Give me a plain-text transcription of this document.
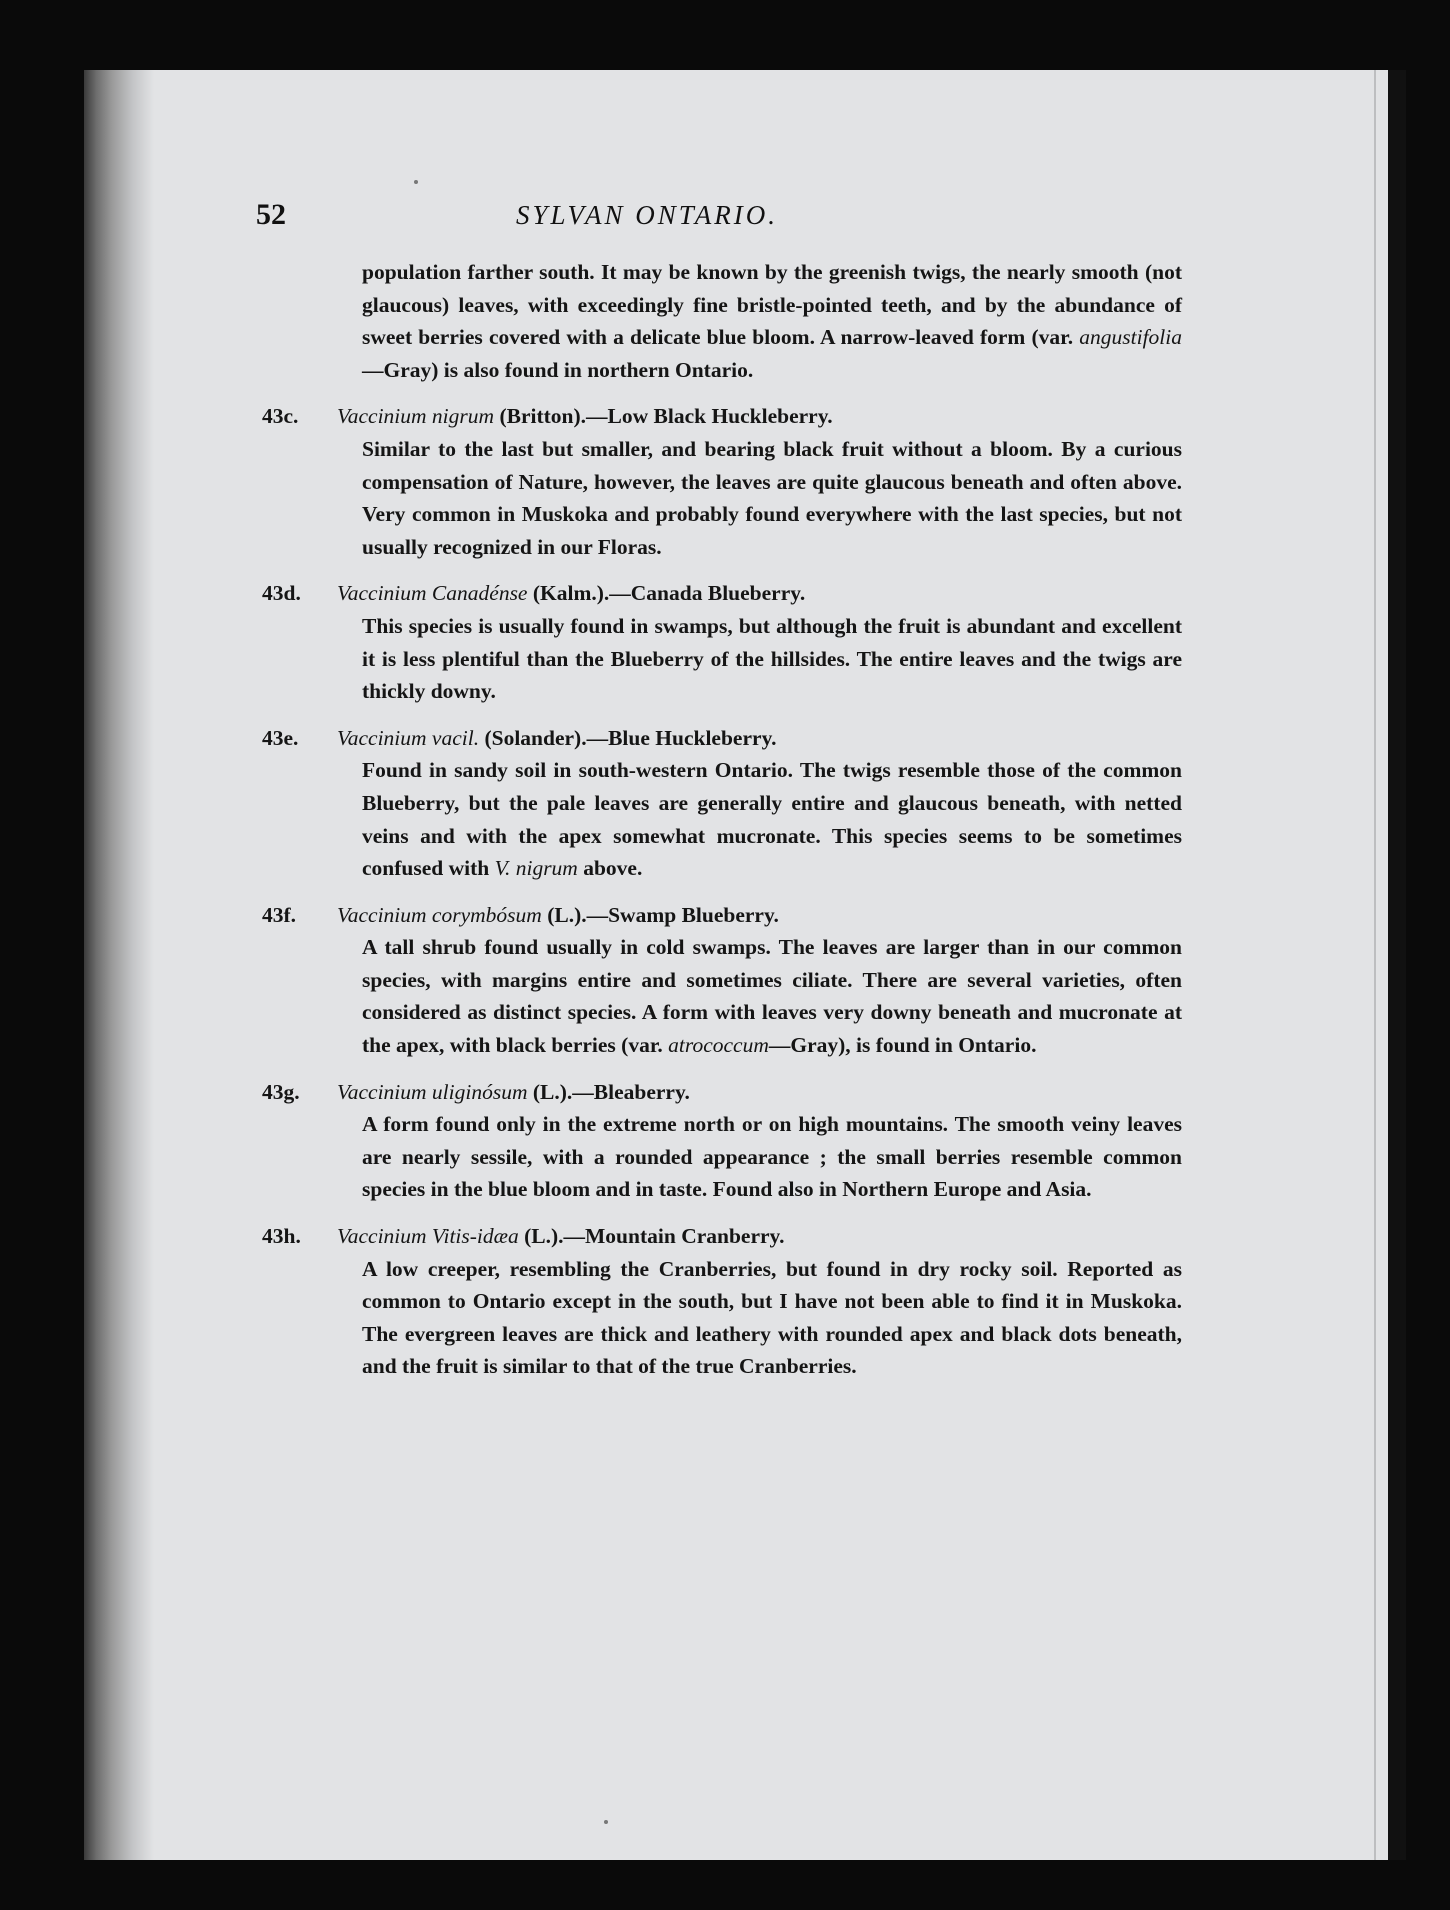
52	SYLVAN ONTARIO.

population farther south. It may be known by the greenish twigs, the nearly smooth (not glaucous) leaves, with exceedingly fine bristle-pointed teeth, and by the abundance of sweet berries covered with a delicate blue bloom. A narrow-leaved form (var. angustifolia—Gray) is also found in northern Ontario.

43c. Vaccinium nigrum (Britton).—Low Black Huckleberry.
Similar to the last but smaller, and bearing black fruit without a bloom. By a curious compensation of Nature, however, the leaves are quite glaucous beneath and often above. Very common in Muskoka and probably found everywhere with the last species, but not usually recognized in our Floras.
43d. Vaccinium Canadénse (Kalm.).—Canada Blueberry.
This species is usually found in swamps, but although the fruit is abundant and excellent it is less plentiful than the Blueberry of the hillsides. The entire leaves and the twigs are thickly downy.
43e. Vaccinium vacil. (Solander).—Blue Huckleberry.
Found in sandy soil in south-western Ontario. The twigs resemble those of the common Blueberry, but the pale leaves are generally entire and glaucous beneath, with netted veins and with the apex somewhat mucronate. This species seems to be sometimes confused with V. nigrum above.
43f. Vaccinium corymbósum (L.).—Swamp Blueberry.
A tall shrub found usually in cold swamps. The leaves are larger than in our common species, with margins entire and sometimes ciliate. There are several varieties, often considered as distinct species. A form with leaves very downy beneath and mucronate at the apex, with black berries (var. atrococcum—Gray), is found in Ontario.
43g. Vaccinium uliginósum (L.).—Bleaberry.
A form found only in the extreme north or on high mountains. The smooth veiny leaves are nearly sessile, with a rounded appearance ; the small berries resemble common species in the blue bloom and in taste. Found also in Northern Europe and Asia.
43h. Vaccinium Vitis-idæa (L.).—Mountain Cranberry.
A low creeper, resembling the Cranberries, but found in dry rocky soil. Reported as common to Ontario except in the south, but I have not been able to find it in Muskoka. The evergreen leaves are thick and leathery with rounded apex and black dots beneath, and the fruit is similar to that of the true Cranberries.
